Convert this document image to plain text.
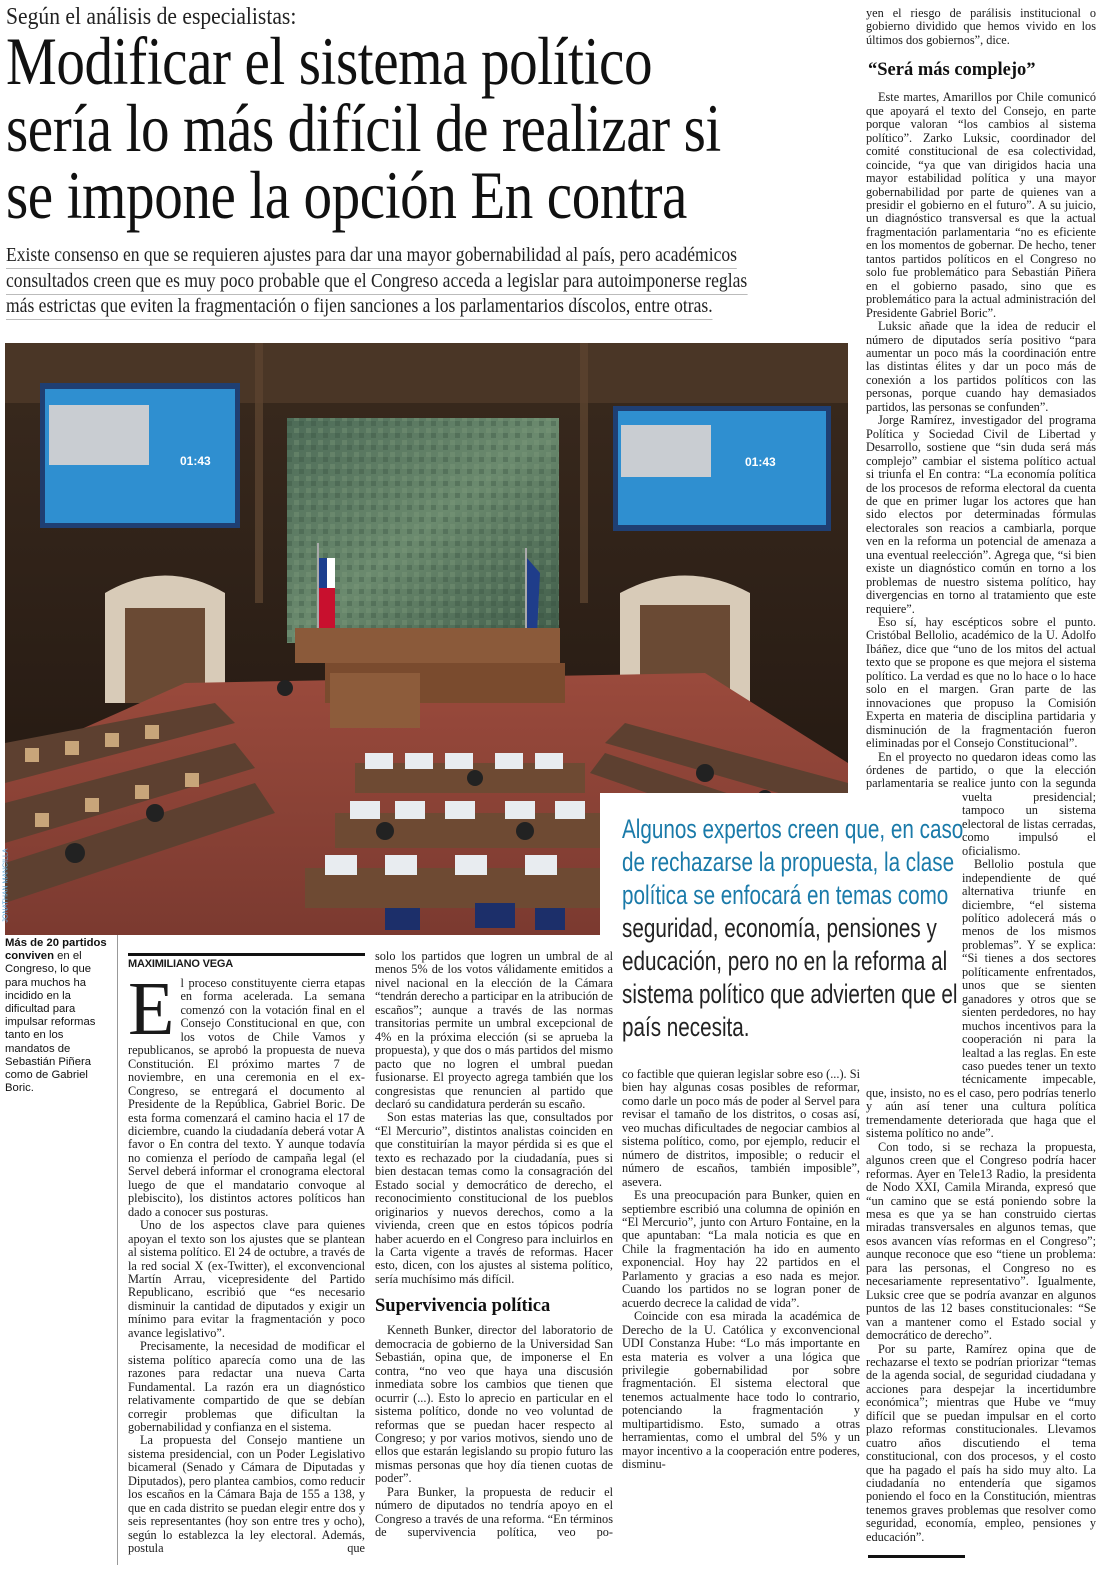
Según el análisis de especialistas:
Modificar el sistema político
sería lo más difícil de realizar si
se impone la opción En contra
Existe consenso en que se requieren ajustes para dar una mayor gobernabilidad al país, pero académicos
consultados creen que es muy poco probable que el Congreso acceda a legislar para autoimponerse reglas
más estrictas que eviten la fragmentación o fijen sanciones a los parlamentarios díscolos, entre otras.
01:43	01:43
JONATHAN MANCILLA
Algunos expertos creen que, en caso
de rechazarse la propuesta, la clase
política se enfocará en temas como
seguridad, economía, pensiones y
educación, pero no en la reforma al
sistema político que advierten que el
país necesita.
Más de 20 partidos conviven en el Congreso, lo que para muchos ha incidido en la dificultad para impulsar reformas tanto en los mandatos de Sebastián Piñera como de Gabriel Boric.
MAXIMILIANO VEGA

El proceso constituyente cierra etapas en forma acelerada. La semana comenzó con la votación final en el Consejo Constitucional en que, con los votos de Chile Vamos y republicanos, se aprobó la propuesta de nueva Constitución. El próximo martes 7 de noviembre, en una ceremonia en el ex-Congreso, se entregará el documento al Presidente de la República, Gabriel Boric. De esta forma comenzará el camino hacia el 17 de diciembre, cuando la ciudadanía deberá votar A favor o En contra del texto. Y aunque todavía no comienza el período de campaña legal (el Servel deberá informar el cronograma electoral luego de que el mandatario convoque al plebiscito), los distintos actores políticos han dado a conocer sus posturas.

Uno de los aspectos clave para quienes apoyan el texto son los ajustes que se plantean al sistema político. El 24 de octubre, a través de la red social X (ex-Twitter), el exconvencional Martín Arrau, vicepresidente del Partido Republicano, escribió que “es necesario disminuir la cantidad de diputados y exigir un mínimo para evitar la fragmentación y poco avance legislativo”.

Precisamente, la necesidad de modificar el sistema político aparecía como una de las razones para redactar una nueva Carta Fundamental. La razón era un diagnóstico relativamente compartido de que se debían corregir problemas que dificultan la gobernabilidad y confianza en el sistema.

La propuesta del Consejo mantiene un sistema presidencial, con un Poder Legislativo bicameral (Senado y Cámara de Diputadas y Diputados), pero plantea cambios, como reducir los escaños en la Cámara Baja de 155 a 138, y que en cada distrito se puedan elegir entre dos y seis representantes (hoy son entre tres y ocho), según lo establezca la ley electoral. Además, postula que

solo los partidos que logren un umbral de al menos 5% de los votos válidamente emitidos a nivel nacional en la elección de la Cámara “tendrán derecho a participar en la atribución de escaños”; aunque a través de las normas transitorias permite un umbral excepcional de 4% en la próxima elección (si se aprueba la propuesta), y que dos o más partidos del mismo pacto que no logren el umbral puedan fusionarse. El proyecto agrega también que los congresistas que renuncien al partido que declaró su candidatura perderán su escaño.

Son estas materias las que, consultados por “El Mercurio”, distintos analistas coinciden en que constituirían la mayor pérdida si es que el texto es rechazado por la ciudadanía, pues si bien destacan temas como la consagración del Estado social y democrático de derecho, el reconocimiento constitucional de los pueblos originarios y nuevos derechos, como a la vivienda, creen que en estos tópicos podría haber acuerdo en el Congreso para incluirlos en la Carta vigente a través de reformas. Hacer esto, dicen, con los ajustes al sistema político, sería muchísimo más difícil.

Supervivencia política

Kenneth Bunker, director del laboratorio de democracia de gobierno de la Universidad San Sebastián, opina que, de imponerse el En contra, “no veo que haya una discusión inmediata sobre los cambios que tienen que ocurrir (...). Esto lo aprecio en particular en el sistema político, donde no veo voluntad de reformas que se puedan hacer respecto al Congreso; y por varios motivos, siendo uno de ellos que estarán legislando su propio futuro las mismas personas que hoy día tienen cuotas de poder”.

Para Bunker, la propuesta de reducir el número de diputados no tendría apoyo en el Congreso a través de una reforma. “En términos de supervivencia política, veo po-

co factible que quieran legislar sobre eso (...). Si bien hay algunas cosas posibles de reformar, como darle un poco más de poder al Servel para revisar el tamaño de los distritos, o cosas así, veo muchas dificultades de negociar cambios al sistema político, como, por ejemplo, reducir el número de distritos, imposible; o reducir el número de escaños, también imposible”, asevera.

Es una preocupación para Bunker, quien en septiembre escribió una columna de opinión en “El Mercurio”, junto con Arturo Fontaine, en la que apuntaban: “La mala noticia es que en Chile la fragmentación ha ido en aumento exponencial. Hoy hay 22 partidos en el Parlamento y gracias a eso nada es mejor. Cuando los partidos no se logran poner de acuerdo decrece la calidad de vida”.

Coincide con esa mirada la académica de Derecho de la U. Católica y exconvencional UDI Constanza Hube: “Lo más importante en esta materia es volver a una lógica que privilegie gobernabilidad por sobre fragmentación. El sistema electoral que tenemos actualmente hace todo lo contrario, potenciando la fragmentación y multipartidismo. Esto, sumado a otras herramientas, como el umbral del 5% y un mayor incentivo a la cooperación entre poderes, disminu-

yen el riesgo de parálisis institucional o gobierno dividido que hemos vivido en los últimos dos gobiernos”, dice.

“Será más complejo”

Este martes, Amarillos por Chile comunicó que apoyará el texto del Consejo, en parte porque valoran “los cambios al sistema político”. Zarko Luksic, coordinador del comité constitucional de esa colectividad, coincide, “ya que van dirigidos hacia una mayor estabilidad política y una mayor gobernabilidad por parte de quienes van a presidir el gobierno en el futuro”. A su juicio, un diagnóstico transversal es que la actual fragmentación parlamentaria “no es eficiente en los momentos de gobernar. De hecho, tener tantos partidos políticos en el Congreso no solo fue problemático para Sebastián Piñera en el gobierno pasado, sino que es problemático para la actual administración del Presidente Gabriel Boric”.

Luksic añade que la idea de reducir el número de diputados sería positivo “para aumentar un poco más la coordinación entre las distintas élites y dar un poco más de conexión a los partidos políticos con las personas, porque cuando hay demasiados partidos, las personas se confunden”.

Jorge Ramírez, investigador del programa Política y Sociedad Civil de Libertad y Desarrollo, sostiene que “sin duda será más complejo” cambiar el sistema político actual si triunfa el En contra: “La economía política de los procesos de reforma electoral da cuenta de que en primer lugar los actores que han sido electos por determinadas fórmulas electorales son reacios a cambiarla, porque ven en la reforma un potencial de amenaza a una eventual reelección”. Agrega que, “si bien existe un diagnóstico común en torno a los problemas de nuestro sistema político, hay divergencias en torno al tratamiento que este requiere”.

Eso sí, hay escépticos sobre el punto. Cristóbal Bellolio, académico de la U. Adolfo Ibáñez, dice que “uno de los mitos del actual texto que se propone es que mejora el sistema político. La verdad es que no lo hace o lo hace solo en el margen. Gran parte de las innovaciones que propuso la Comisión Experta en materia de disciplina partidaria y disminución de la fragmentación fueron eliminadas por el Consejo Constitucional”.

En el proyecto no quedaron ideas como las órdenes de partido, o que la elección parlamentaria se realice junto con la segunda vuelta presidencial; tampoco un sistema electoral de listas cerradas, como impulsó el oficialismo.

Bellolio postula que independiente de qué alternativa triunfe en diciembre, “el sistema político adolecerá más o menos de los mismos problemas”. Y se explica: “Si tienes a dos sectores políticamente enfrentados, unos que se sienten ganadores y otros que se sienten perdedores, no hay muchos incentivos para la cooperación ni para la lealtad a las reglas. En este caso puedes tener un texto técnicamente impecable, que, insisto, no es el caso, pero podrías tenerlo y aún así tener una cultura política tremendamente deteriorada que haga que el sistema político no ande”.

Con todo, si se rechaza la propuesta, algunos creen que el Congreso podría hacer reformas. Ayer en Tele13 Radio, la presidenta de Nodo XXI, Camila Miranda, expresó que “un camino que se está poniendo sobre la mesa es que ya se han construido ciertas miradas transversales en algunos temas, que esos avancen vías reformas en el Congreso”; aunque reconoce que eso “tiene un problema: para las personas, el Congreso no es necesariamente representativo”. Igualmente, Luksic cree que se podría avanzar en algunos puntos de las 12 bases constitucionales: “Se van a mantener como el Estado social y democrático de derecho”.

Por su parte, Ramírez opina que de rechazarse el texto se podrían priorizar “temas de la agenda social, de seguridad ciudadana y acciones para despejar la incertidumbre económica”; mientras que Hube ve “muy difícil que se puedan impulsar en el corto plazo reformas constitucionales. Llevamos cuatro años discutiendo el tema constitucional, con dos procesos, y el costo que ha pagado el país ha sido muy alto. La ciudadanía no entendería que sigamos poniendo el foco en la Constitución, mientras tenemos graves problemas que resolver como seguridad, economía, empleo, pensiones y educación”.
